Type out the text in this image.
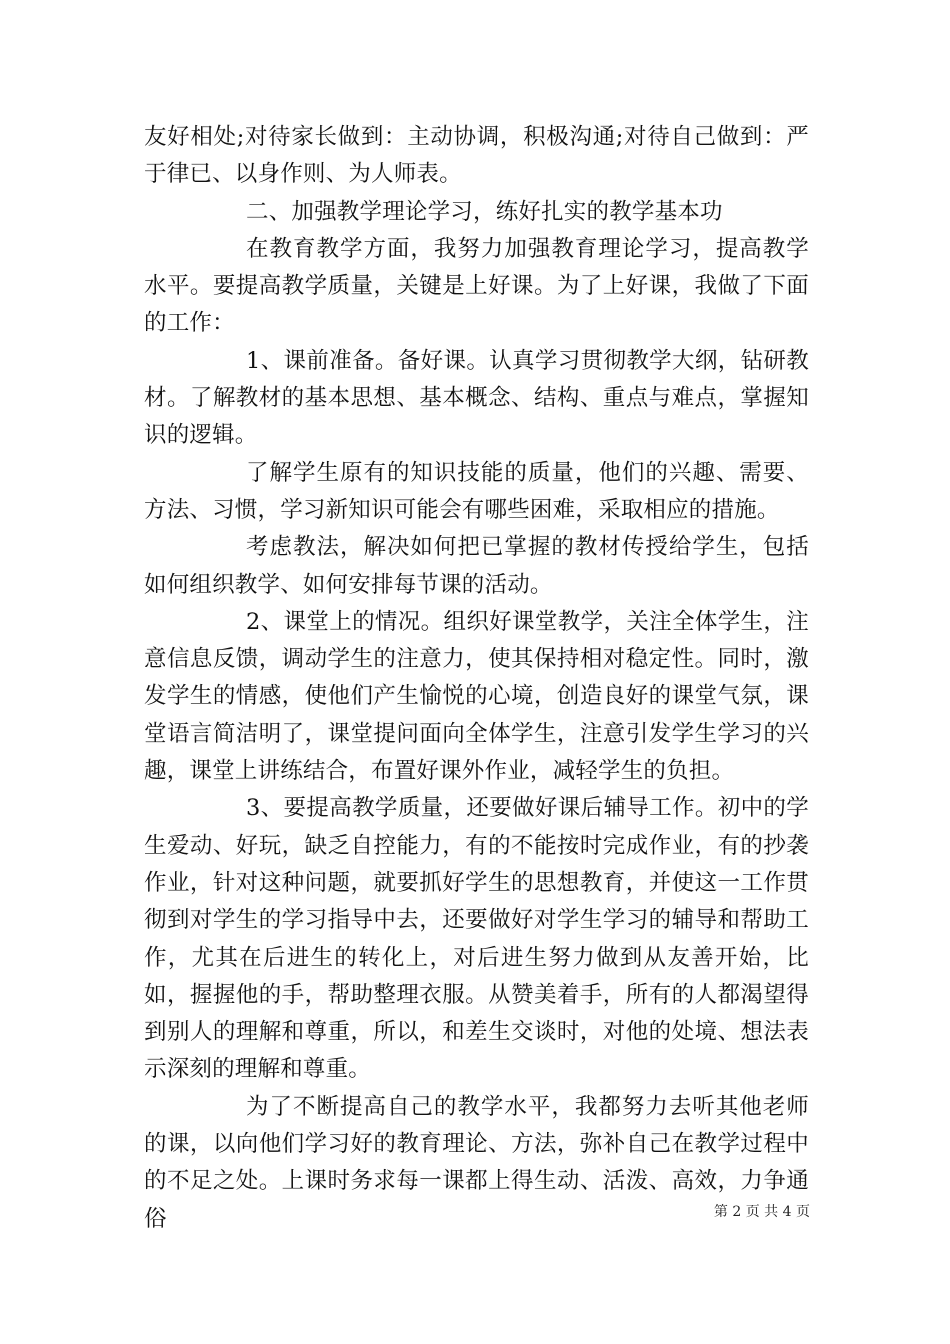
友好相处;对待家长做到：主动协调，积极沟通;对待自己做到：严于律已、以身作则、为人师表。

二、加强教学理论学习，练好扎实的教学基本功

在教育教学方面，我努力加强教育理论学习，提高教学水平。要提高教学质量，关键是上好课。为了上好课，我做了下面的工作：

1、课前准备。备好课。认真学习贯彻教学大纲，钻研教材。了解教材的基本思想、基本概念、结构、重点与难点，掌握知识的逻辑。

了解学生原有的知识技能的质量，他们的兴趣、需要、方法、习惯，学习新知识可能会有哪些困难，采取相应的措施。

考虑教法，解决如何把已掌握的教材传授给学生，包括如何组织教学、如何安排每节课的活动。

2、课堂上的情况。组织好课堂教学，关注全体学生，注意信息反馈，调动学生的注意力，使其保持相对稳定性。同时，激发学生的情感，使他们产生愉悦的心境，创造良好的课堂气氛，课堂语言简洁明了，课堂提问面向全体学生，注意引发学生学习的兴趣，课堂上讲练结合，布置好课外作业，减轻学生的负担。

3、要提高教学质量，还要做好课后辅导工作。初中的学生爱动、好玩，缺乏自控能力，有的不能按时完成作业，有的抄袭作业，针对这种问题，就要抓好学生的思想教育，并使这一工作贯彻到对学生的学习指导中去，还要做好对学生学习的辅导和帮助工作，尤其在后进生的转化上，对后进生努力做到从友善开始，比如，握握他的手，帮助整理衣服。从赞美着手，所有的人都渴望得到别人的理解和尊重，所以，和差生交谈时，对他的处境、想法表示深刻的理解和尊重。

为了不断提高自己的教学水平，我都努力去听其他老师的课，以向他们学习好的教育理论、方法，弥补自己在教学过程中的不足之处。上课时务求每一课都上得生动、活泼、高效，力争通俗	第 2 页 共 4 页
